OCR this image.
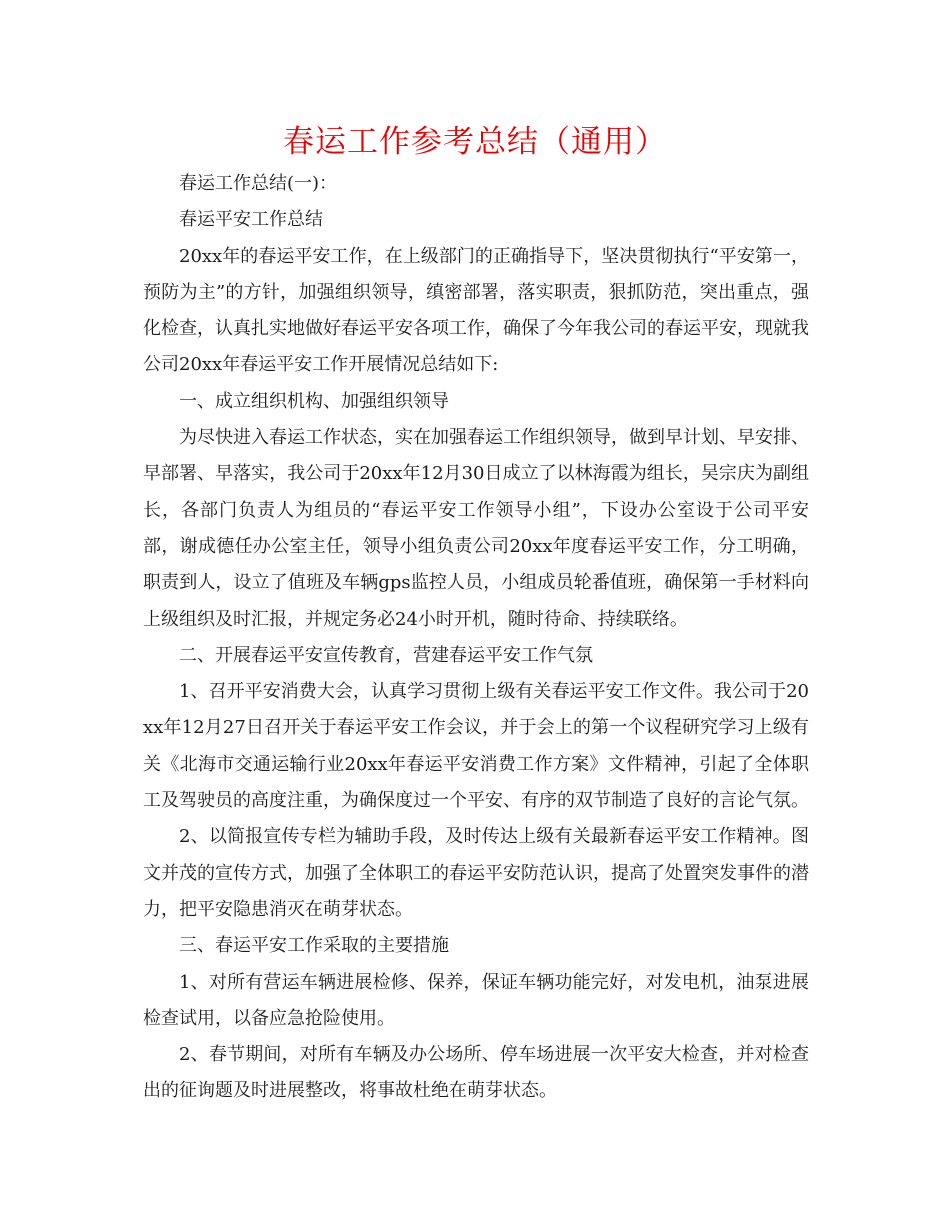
春运工作参考总结（通用）

春运工作总结(一)：

春运平安工作总结

20xx年的春运平安工作，在上级部门的正确指导下，坚决贯彻执行“平安第一，预防为主”的方针，加强组织领导，缜密部署，落实职责，狠抓防范，突出重点，强化检查，认真扎实地做好春运平安各项工作，确保了今年我公司的春运平安，现就我公司20xx年春运平安工作开展情况总结如下:

一、成立组织机构、加强组织领导

为尽快进入春运工作状态，实在加强春运工作组织领导，做到早计划、早安排、早部署、早落实，我公司于20xx年12月30日成立了以林海霞为组长，吴宗庆为副组长，各部门负责人为组员的“春运平安工作领导小组”，下设办公室设于公司平安部，谢成德任办公室主任，领导小组负责公司20xx年度春运平安工作，分工明确，职责到人，设立了值班及车辆gps监控人员，小组成员轮番值班，确保第一手材料向上级组织及时汇报，并规定务必24小时开机，随时待命、持续联络。

二、开展春运平安宣传教育，营建春运平安工作气氛

1、召开平安消费大会，认真学习贯彻上级有关春运平安工作文件。我公司于20xx年12月27日召开关于春运平安工作会议，并于会上的第一个议程研究学习上级有关《北海市交通运输行业20xx年春运平安消费工作方案》文件精神，引起了全体职工及驾驶员的高度注重，为确保度过一个平安、有序的双节制造了良好的言论气氛。

2、以简报宣传专栏为辅助手段，及时传达上级有关最新春运平安工作精神。图文并茂的宣传方式，加强了全体职工的春运平安防范认识，提高了处置突发事件的潜力，把平安隐患消灭在萌芽状态。

三、春运平安工作采取的主要措施

1、对所有营运车辆进展检修、保养，保证车辆功能完好，对发电机，油泵进展检查试用，以备应急抢险使用。

2、春节期间，对所有车辆及办公场所、停车场进展一次平安大检查，并对检查出的征询题及时进展整改，将事故杜绝在萌芽状态。
